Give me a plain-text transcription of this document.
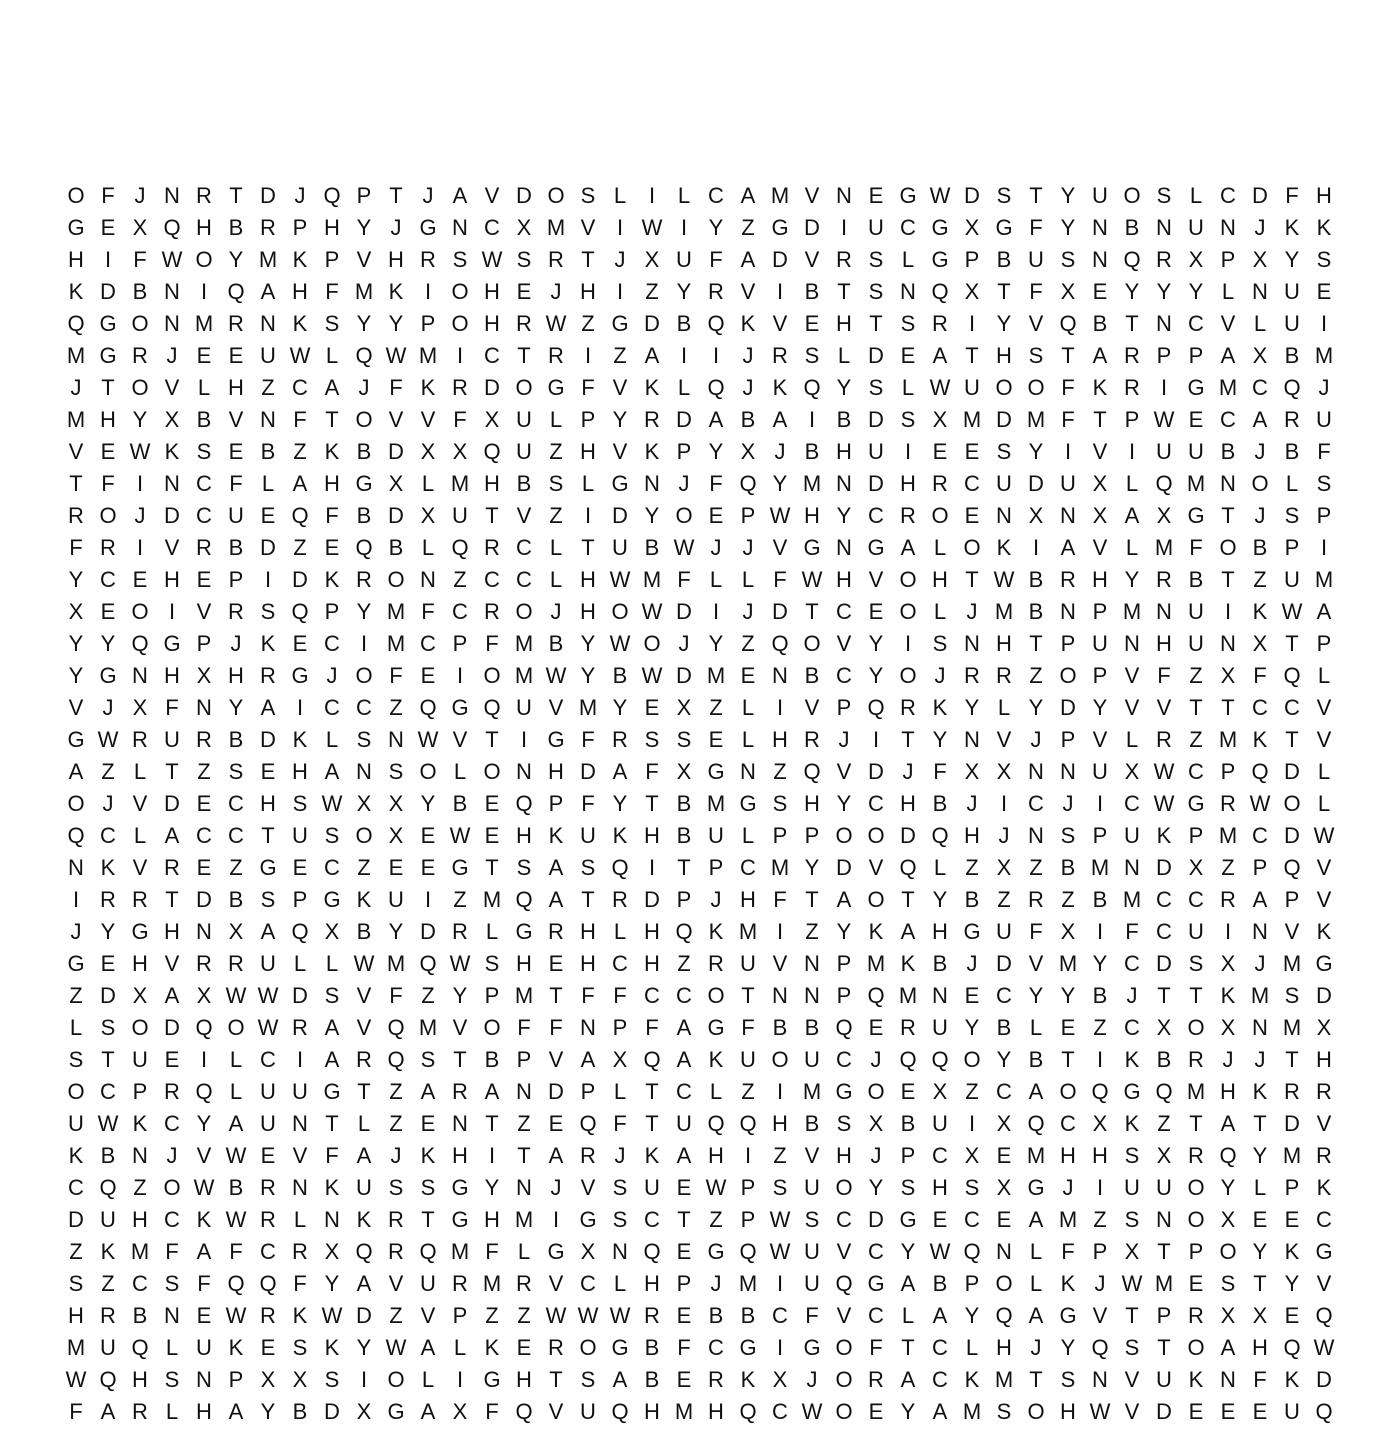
O F J N R T D J Q P T J A V D O S L	I	L C A M V N E G W D S T Y U O S L C D F H
G E X Q H B R P H Y J G N C X M V I W I Y Z G D I U C G X G F Y N B N U N J K K
H I	F W O Y M K P V H R S W S R T J X U F A D V R S L G P B U S N Q R X P X Y S
K D B N I Q A H F M K I O H E J H I	Z Y R V I B T S N Q X T F X E Y Y Y L N U E
Q G O N M R N K S Y Y P O H R W Z G D B Q K V E H T S R I Y V Q B T N C V L U I
M G R J E E U W L Q W M I C T R I	Z A I	I	J R S L D E A T H S T A R P P A X B M
J T O V L H Z C A J F K R D O G F V K L Q J K Q Y S L W U O O F K R I G M C Q J
M H Y X B V N F T O V V F X U L P Y R D A B A I B D S X M D M F T P W E C A R U
V E W K S E B Z K B D X X Q U Z H V K P Y X J B H U I E E S Y I V I U U B J B F
T F	I N C F L A H G X L M H B S L G N J F Q Y M N D H R C U D U X L Q M N O L S
R O J D C U E Q F B D X U T V Z	I D Y O E P W H Y C R O E N X N X A X G T J S P
F R I V R B D Z E Q B L Q R C L T U B W J J V G N G A L O K I A V L M F O B P I
Y C E H E P I D K R O N Z C C L H W M F L L F W H V O H T W B R H Y R B T Z U M
X E O I V R S Q P Y M F C R O J H O W D I	J D T C E O L J M B N P M N U I K W A
Y Y Q G P J K E C I M C P F M B Y W O J Y Z Q O V Y I S N H T P U N H U N X T P
Y G N H X H R G J O F E I O M W Y B W D M E N B C Y O J R R Z O P V F Z X F Q L
V J X F N Y A I C C Z Q G Q U V M Y E X Z L	I V P Q R K Y L Y D Y V V T T C C V
G W R U R B D K L S N W V T	I G F R S S E L H R J	I	T Y N V J P V L R Z M K T V
A Z L T Z S E H A N S O L O N H D A F X G N Z Q V D J F X X N N U X W C P Q D L
O J V D E C H S W X X Y B E Q P F Y T B M G S H Y C H B J	I C J	I C W G R W O L
Q C L A C C T U S O X E W E H K U K H B U L P P O O D Q H J N S P U K P M C D W
N K V R E Z G E C Z E E G T S A S Q I	T P C M Y D V Q L Z X Z B M N D X Z P Q V
I R R T D B S P G K U I	Z M Q A T R D P J H F T A O T Y B Z R Z B M C C R A P V
J Y G H N X A Q X B Y D R L G R H L H Q K M I	Z Y K A H G U F X I	F C U I N V K
G E H V R R U L L W M Q W S H E H C H Z R U V N P M K B J D V M Y C D S X J M G
Z D X A X W W D S V F Z Y P M T F F C C O T N N P Q M N E C Y Y B J T T K M S D
L S O D Q O W R A V Q M V O F F N P F A G F B B Q E R U Y B L E Z C X O X N M X
S T U E I	L C I A R Q S T B P V A X Q A K U O U C J Q Q O Y B T	I K B R J J T H
O C P R Q L U U G T Z A R A N D P L T C L Z	I M G O E X Z C A O Q G Q M H K R R
U W K C Y A U N T L Z E N T Z E Q F T U Q Q H B S X B U I X Q C X K Z T A T D V
K B N J V W E V F A J K H I	T A R J K A H I	Z V H J P C X E M H H S X R Q Y M R
C Q Z O W B R N K U S S G Y N J V S U E W P S U O Y S H S X G J	I U U O Y L P K
D U H C K W R L N K R T G H M I G S C T Z P W S C D G E C E A M Z S N O X E E C
Z K M F A F C R X Q R Q M F L G X N Q E G Q W U V C Y W Q N L F P X T P O Y K G
S Z C S F Q Q F Y A V U R M R V C L H P J M I U Q G A B P O L K J W M E S T Y V
H R B N E W R K W D Z V P Z Z W W W R E B B C F V C L A Y Q A G V T P R X X E Q
M U Q L U K E S K Y W A L K E R O G B F C G I G O F T C L H J Y Q S T O A H Q W
W Q H S N P X X S I O L	I G H T S A B E R K X J O R A C K M T S N V U K N F K D
F A R L H A Y B D X G A X F Q V U Q H M H Q C W O E Y A M S O H W V D E E E U Q
